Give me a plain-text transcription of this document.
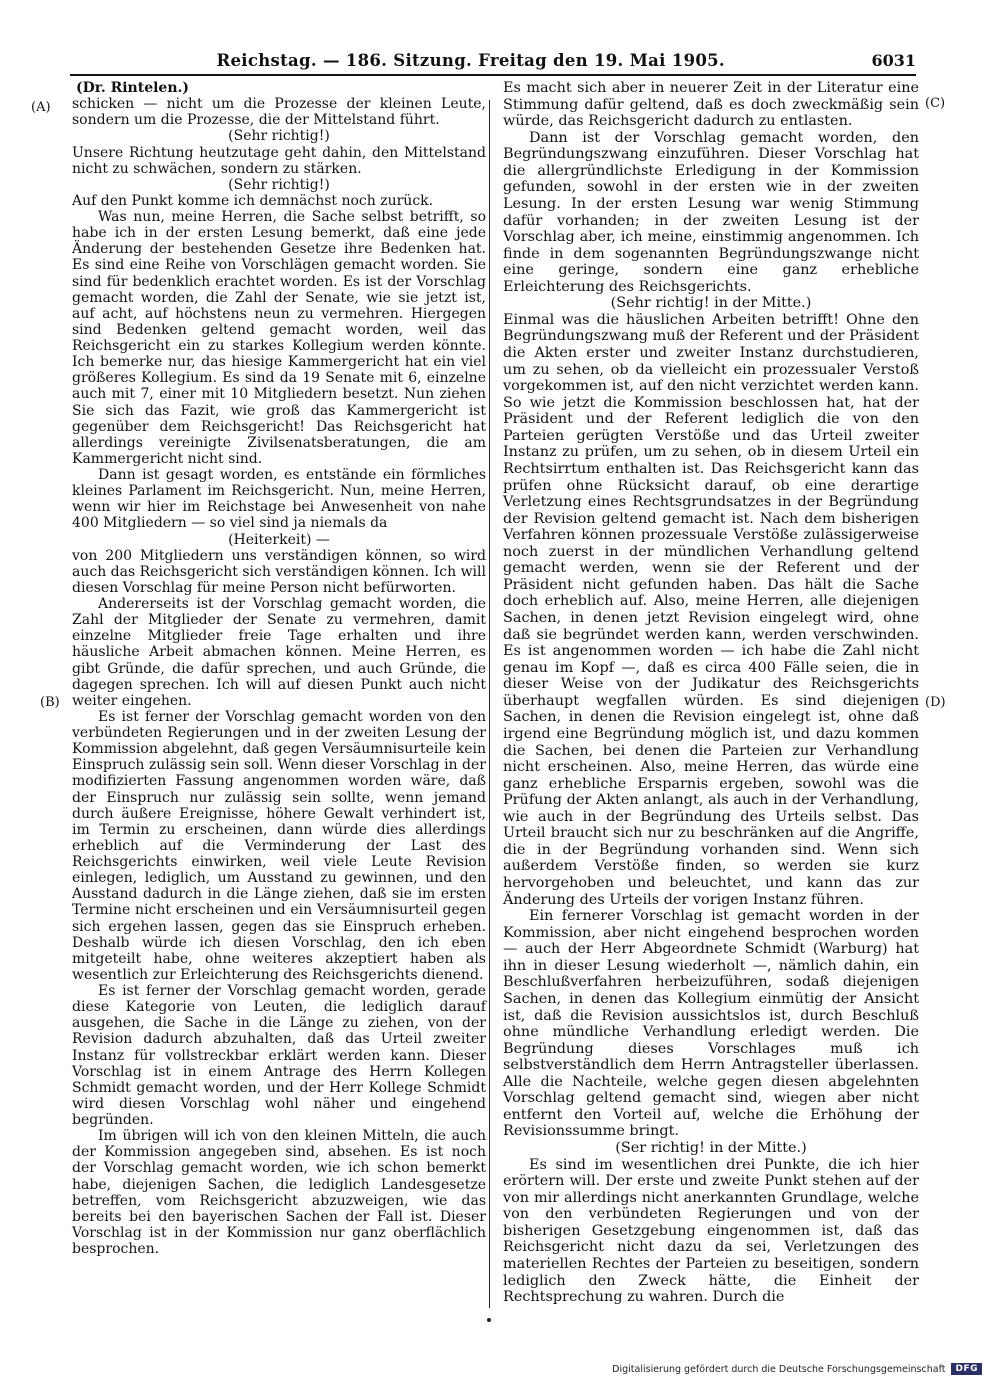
Reichstag. — 186. Sitzung. Freitag den 19. Mai 1905.	6031
(A)
(B)
(C)
(D)

(Dr. Rintelen.)

schicken — nicht um die Prozesse der kleinen Leute, sondern um die Prozesse, die der Mittelstand führt.

(Sehr richtig!)

Unsere Richtung heutzutage geht dahin, den Mittelstand nicht zu schwächen, sondern zu stärken.

(Sehr richtig!)

Auf den Punkt komme ich demnächst noch zurück.

Was nun, meine Herren, die Sache selbst betrifft, so habe ich in der ersten Lesung bemerkt, daß eine jede Änderung der bestehenden Gesetze ihre Bedenken hat. Es sind eine Reihe von Vorschlägen gemacht worden. Sie sind für bedenklich erachtet worden. Es ist der Vorschlag gemacht worden, die Zahl der Senate, wie sie jetzt ist, auf acht, auf höchstens neun zu vermehren. Hiergegen sind Bedenken geltend gemacht worden, weil das Reichsgericht ein zu starkes Kollegium werden könnte. Ich bemerke nur, das hiesige Kammergericht hat ein viel größeres Kollegium. Es sind da 19 Senate mit 6, einzelne auch mit 7, einer mit 10 Mitgliedern besetzt. Nun ziehen Sie sich das Fazit, wie groß das Kammergericht ist gegenüber dem Reichsgericht! Das Reichsgericht hat allerdings vereinigte Zivilsenatsberatungen, die am Kammergericht nicht sind.

Dann ist gesagt worden, es entstände ein förmliches kleines Parlament im Reichsgericht. Nun, meine Herren, wenn wir hier im Reichstage bei Anwesenheit von nahe 400 Mitgliedern — so viel sind ja niemals da

(Heiterkeit) —

von 200 Mitgliedern uns verständigen können, so wird auch das Reichsgericht sich verständigen können. Ich will diesen Vorschlag für meine Person nicht befürworten.

Andererseits ist der Vorschlag gemacht worden, die Zahl der Mitglieder der Senate zu vermehren, damit einzelne Mitglieder freie Tage erhalten und ihre häusliche Arbeit abmachen können. Meine Herren, es gibt Gründe, die dafür sprechen, und auch Gründe, die dagegen sprechen. Ich will auf diesen Punkt auch nicht weiter eingehen.

Es ist ferner der Vorschlag gemacht worden von den verbündeten Regierungen und in der zweiten Lesung der Kommission abgelehnt, daß gegen Versäumnisurteile kein Einspruch zulässig sein soll. Wenn dieser Vorschlag in der modifizierten Fassung angenommen worden wäre, daß der Einspruch nur zulässig sein sollte, wenn jemand durch äußere Ereignisse, höhere Gewalt verhindert ist, im Termin zu erscheinen, dann würde dies allerdings erheblich auf die Verminderung der Last des Reichsgerichts einwirken, weil viele Leute Revision einlegen, lediglich, um Ausstand zu gewinnen, und den Ausstand dadurch in die Länge ziehen, daß sie im ersten Termine nicht erscheinen und ein Versäumnisurteil gegen sich ergehen lassen, gegen das sie Einspruch erheben. Deshalb würde ich diesen Vorschlag, den ich eben mitgeteilt habe, ohne weiteres akzeptiert haben als wesentlich zur Erleichterung des Reichsgerichts dienend.

Es ist ferner der Vorschlag gemacht worden, gerade diese Kategorie von Leuten, die lediglich darauf ausgehen, die Sache in die Länge zu ziehen, von der Revision dadurch abzuhalten, daß das Urteil zweiter Instanz für vollstreckbar erklärt werden kann. Dieser Vorschlag ist in einem Antrage des Herrn Kollegen Schmidt gemacht worden, und der Herr Kollege Schmidt wird diesen Vorschlag wohl näher und eingehend begründen.

Im übrigen will ich von den kleinen Mitteln, die auch der Kommission angegeben sind, absehen. Es ist noch der Vorschlag gemacht worden, wie ich schon bemerkt habe, diejenigen Sachen, die lediglich Landesgesetze betreffen, vom Reichsgericht abzuzweigen, wie das bereits bei den bayerischen Sachen der Fall ist. Dieser Vorschlag ist in der Kommission nur ganz oberflächlich besprochen.

Es macht sich aber in neuerer Zeit in der Literatur eine Stimmung dafür geltend, daß es doch zweckmäßig sein würde, das Reichsgericht dadurch zu entlasten.

Dann ist der Vorschlag gemacht worden, den Begründungszwang einzuführen. Dieser Vorschlag hat die allergründlichste Erledigung in der Kommission gefunden, sowohl in der ersten wie in der zweiten Lesung. In der ersten Lesung war wenig Stimmung dafür vorhanden; in der zweiten Lesung ist der Vorschlag aber, ich meine, einstimmig angenommen. Ich finde in dem sogenannten Begründungszwange nicht eine geringe, sondern eine ganz erhebliche Erleichterung des Reichsgerichts.

(Sehr richtig! in der Mitte.)

Einmal was die häuslichen Arbeiten betrifft! Ohne den Begründungszwang muß der Referent und der Präsident die Akten erster und zweiter Instanz durchstudieren, um zu sehen, ob da vielleicht ein prozessualer Verstoß vorgekommen ist, auf den nicht verzichtet werden kann. So wie jetzt die Kommission beschlossen hat, hat der Präsident und der Referent lediglich die von den Parteien gerügten Verstöße und das Urteil zweiter Instanz zu prüfen, um zu sehen, ob in diesem Urteil ein Rechtsirrtum enthalten ist. Das Reichsgericht kann das prüfen ohne Rücksicht darauf, ob eine derartige Verletzung eines Rechtsgrundsatzes in der Begründung der Revision geltend gemacht ist. Nach dem bisherigen Verfahren können prozessuale Verstöße zulässigerweise noch zuerst in der mündlichen Verhandlung geltend gemacht werden, wenn sie der Referent und der Präsident nicht gefunden haben. Das hält die Sache doch erheblich auf. Also, meine Herren, alle diejenigen Sachen, in denen jetzt Revision eingelegt wird, ohne daß sie begründet werden kann, werden verschwinden. Es ist angenommen worden — ich habe die Zahl nicht genau im Kopf —, daß es circa 400 Fälle seien, die in dieser Weise von der Judikatur des Reichsgerichts überhaupt wegfallen würden. Es sind diejenigen Sachen, in denen die Revision eingelegt ist, ohne daß irgend eine Begründung möglich ist, und dazu kommen die Sachen, bei denen die Parteien zur Verhandlung nicht erscheinen. Also, meine Herren, das würde eine ganz erhebliche Ersparnis ergeben, sowohl was die Prüfung der Akten anlangt, als auch in der Verhandlung, wie auch in der Begründung des Urteils selbst. Das Urteil braucht sich nur zu beschränken auf die Angriffe, die in der Begründung vorhanden sind. Wenn sich außerdem Verstöße finden, so werden sie kurz hervorgehoben und beleuchtet, und kann das zur Änderung des Urteils der vorigen Instanz führen.

Ein fernerer Vorschlag ist gemacht worden in der Kommission, aber nicht eingehend besprochen worden — auch der Herr Abgeordnete Schmidt (Warburg) hat ihn in dieser Lesung wiederholt —, nämlich dahin, ein Beschlußverfahren herbeizuführen, sodaß diejenigen Sachen, in denen das Kollegium einmütig der Ansicht ist, daß die Revision aussichtslos ist, durch Beschluß ohne mündliche Verhandlung erledigt werden. Die Begründung dieses Vorschlages muß ich selbstverständlich dem Herrn Antragsteller überlassen. Alle die Nachteile, welche gegen diesen abgelehnten Vorschlag geltend gemacht sind, wiegen aber nicht entfernt den Vorteil auf, welche die Erhöhung der Revisionssumme bringt.

(Ser richtig! in der Mitte.)

Es sind im wesentlichen drei Punkte, die ich hier erörtern will. Der erste und zweite Punkt stehen auf der von mir allerdings nicht anerkannten Grundlage, welche von den verbündeten Regierungen und von der bisherigen Gesetzgebung eingenommen ist, daß das Reichsgericht nicht dazu da sei, Verletzungen des materiellen Rechtes der Parteien zu beseitigen, sondern lediglich den Zweck hätte, die Einheit der Rechtsprechung zu wahren. Durch die

Digitalisierung gefördert durch die Deutsche Forschungsgemeinschaft	DFG
